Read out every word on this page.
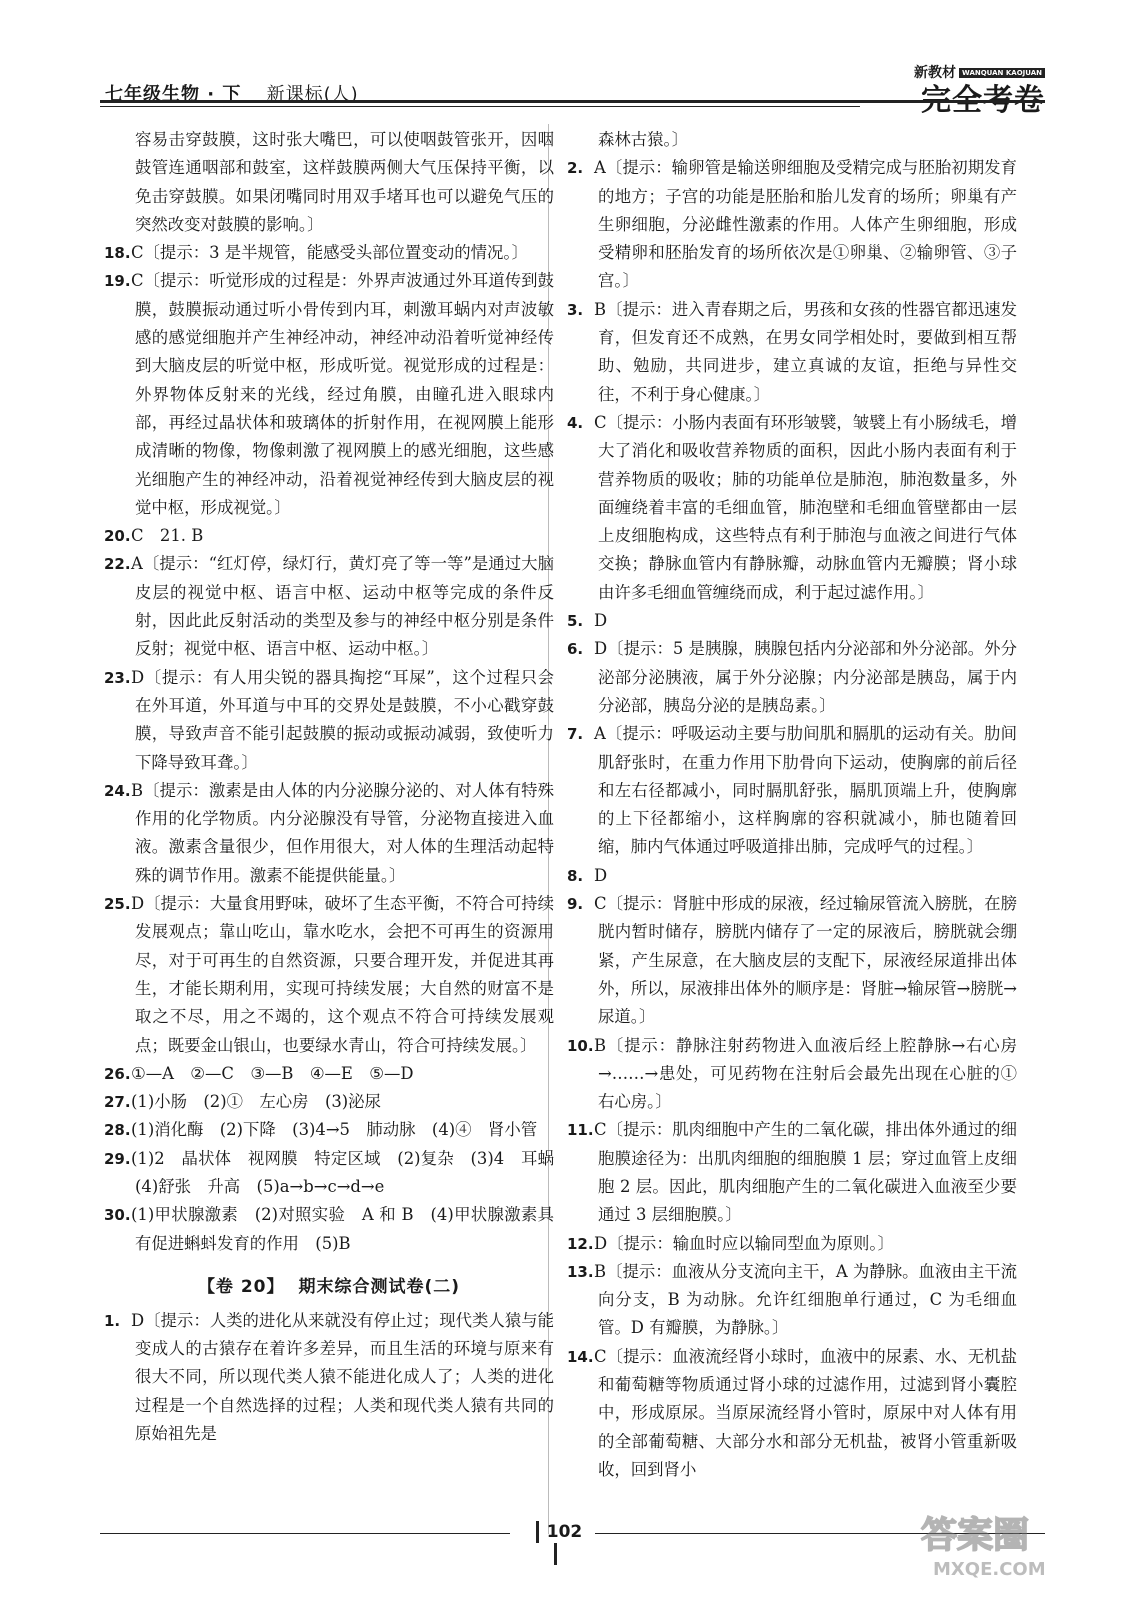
七年级生物 · 下 新课标(人)
新教材 WANQUAN KAOJUAN
完全考卷

容易击穿鼓膜，这时张大嘴巴，可以使咽鼓管张开，因咽鼓管连通咽部和鼓室，这样鼓膜两侧大气压保持平衡，以免击穿鼓膜。如果闭嘴同时用双手堵耳也可以避免气压的突然改变对鼓膜的影响。〕

18.C〔提示：3 是半规管，能感受头部位置变动的情况。〕

19.C〔提示：听觉形成的过程是：外界声波通过外耳道传到鼓膜，鼓膜振动通过听小骨传到内耳，刺激耳蜗内对声波敏感的感觉细胞并产生神经冲动，神经冲动沿着听觉神经传到大脑皮层的听觉中枢，形成听觉。视觉形成的过程是：外界物体反射来的光线，经过角膜，由瞳孔进入眼球内部，再经过晶状体和玻璃体的折射作用，在视网膜上能形成清晰的物像，物像刺激了视网膜上的感光细胞，这些感光细胞产生的神经冲动，沿着视觉神经传到大脑皮层的视觉中枢，形成视觉。〕

20.C　21. B

22.A〔提示：“红灯停，绿灯行，黄灯亮了等一等”是通过大脑皮层的视觉中枢、语言中枢、运动中枢等完成的条件反射，因此此反射活动的类型及参与的神经中枢分别是条件反射；视觉中枢、语言中枢、运动中枢。〕

23.D〔提示：有人用尖锐的器具掏挖“耳屎”，这个过程只会在外耳道，外耳道与中耳的交界处是鼓膜，不小心戳穿鼓膜，导致声音不能引起鼓膜的振动或振动减弱，致使听力下降导致耳聋。〕

24.B〔提示：激素是由人体的内分泌腺分泌的、对人体有特殊作用的化学物质。内分泌腺没有导管，分泌物直接进入血液。激素含量很少，但作用很大，对人体的生理活动起特殊的调节作用。激素不能提供能量。〕

25.D〔提示：大量食用野味，破坏了生态平衡，不符合可持续发展观点；靠山吃山，靠水吃水，会把不可再生的资源用尽，对于可再生的自然资源，只要合理开发，并促进其再生，才能长期利用，实现可持续发展；大自然的财富不是取之不尽，用之不竭的，这个观点不符合可持续发展观点；既要金山银山，也要绿水青山，符合可持续发展。〕

26.①—A　②—C　③—B　④—E　⑤—D

27.(1)小肠　(2)①　左心房　(3)泌尿

28.(1)消化酶　(2)下降　(3)4→5　肺动脉　(4)④　肾小管

29.(1)2　晶状体　视网膜　特定区域　(2)复杂　(3)4　耳蜗　(4)舒张　升高　(5)a→b→c→d→e

30.(1)甲状腺激素　(2)对照实验　A 和 B　(4)甲状腺激素具有促进蝌蚪发育的作用　(5)B

【卷 20】 期末综合测试卷(二)

1. D〔提示：人类的进化从来就没有停止过；现代类人猿与能变成人的古猿存在着许多差异，而且生活的环境与原来有很大不同，所以现代类人猿不能进化成人了；人类的进化过程是一个自然选择的过程；人类和现代类人猿有共同的原始祖先是

森林古猿。〕

2. A〔提示：输卵管是输送卵细胞及受精完成与胚胎初期发育的地方；子宫的功能是胚胎和胎儿发育的场所；卵巢有产生卵细胞，分泌雌性激素的作用。人体产生卵细胞，形成受精卵和胚胎发育的场所依次是①卵巢、②输卵管、③子宫。〕

3. B〔提示：进入青春期之后，男孩和女孩的性器官都迅速发育，但发育还不成熟，在男女同学相处时，要做到相互帮助、勉励，共同进步，建立真诚的友谊，拒绝与异性交往，不利于身心健康。〕

4. C〔提示：小肠内表面有环形皱襞，皱襞上有小肠绒毛，增大了消化和吸收营养物质的面积，因此小肠内表面有利于营养物质的吸收；肺的功能单位是肺泡，肺泡数量多，外面缠绕着丰富的毛细血管，肺泡壁和毛细血管壁都由一层上皮细胞构成，这些特点有利于肺泡与血液之间进行气体交换；静脉血管内有静脉瓣，动脉血管内无瓣膜；肾小球由许多毛细血管缠绕而成，利于起过滤作用。〕

5. D

6. D〔提示：5 是胰腺，胰腺包括内分泌部和外分泌部。外分泌部分泌胰液，属于外分泌腺；内分泌部是胰岛，属于内分泌部，胰岛分泌的是胰岛素。〕

7. A〔提示：呼吸运动主要与肋间肌和膈肌的运动有关。肋间肌舒张时，在重力作用下肋骨向下运动，使胸廓的前后径和左右径都减小，同时膈肌舒张，膈肌顶端上升，使胸廓的上下径都缩小，这样胸廓的容积就减小，肺也随着回缩，肺内气体通过呼吸道排出肺，完成呼气的过程。〕

8. D

9. C〔提示：肾脏中形成的尿液，经过输尿管流入膀胱，在膀胱内暂时储存，膀胱内储存了一定的尿液后，膀胱就会绷紧，产生尿意，在大脑皮层的支配下，尿液经尿道排出体外，所以，尿液排出体外的顺序是：肾脏→输尿管→膀胱→尿道。〕

10.B〔提示：静脉注射药物进入血液后经上腔静脉→右心房→……→患处，可见药物在注射后会最先出现在心脏的①右心房。〕

11.C〔提示：肌肉细胞中产生的二氧化碳，排出体外通过的细胞膜途径为：出肌肉细胞的细胞膜 1 层；穿过血管上皮细胞 2 层。因此，肌肉细胞产生的二氧化碳进入血液至少要通过 3 层细胞膜。〕

12.D〔提示：输血时应以输同型血为原则。〕

13.B〔提示：血液从分支流向主干，A 为静脉。血液由主干流向分支，B 为动脉。允许红细胞单行通过，C 为毛细血管。D 有瓣膜，为静脉。〕

14.C〔提示：血液流经肾小球时，血液中的尿素、水、无机盐和葡萄糖等物质通过肾小球的过滤作用，过滤到肾小囊腔中，形成原尿。当原尿流经肾小管时，原尿中对人体有用的全部葡萄糖、大部分水和部分无机盐，被肾小管重新吸收，回到肾小

102	答案圈
MXQE.COM
